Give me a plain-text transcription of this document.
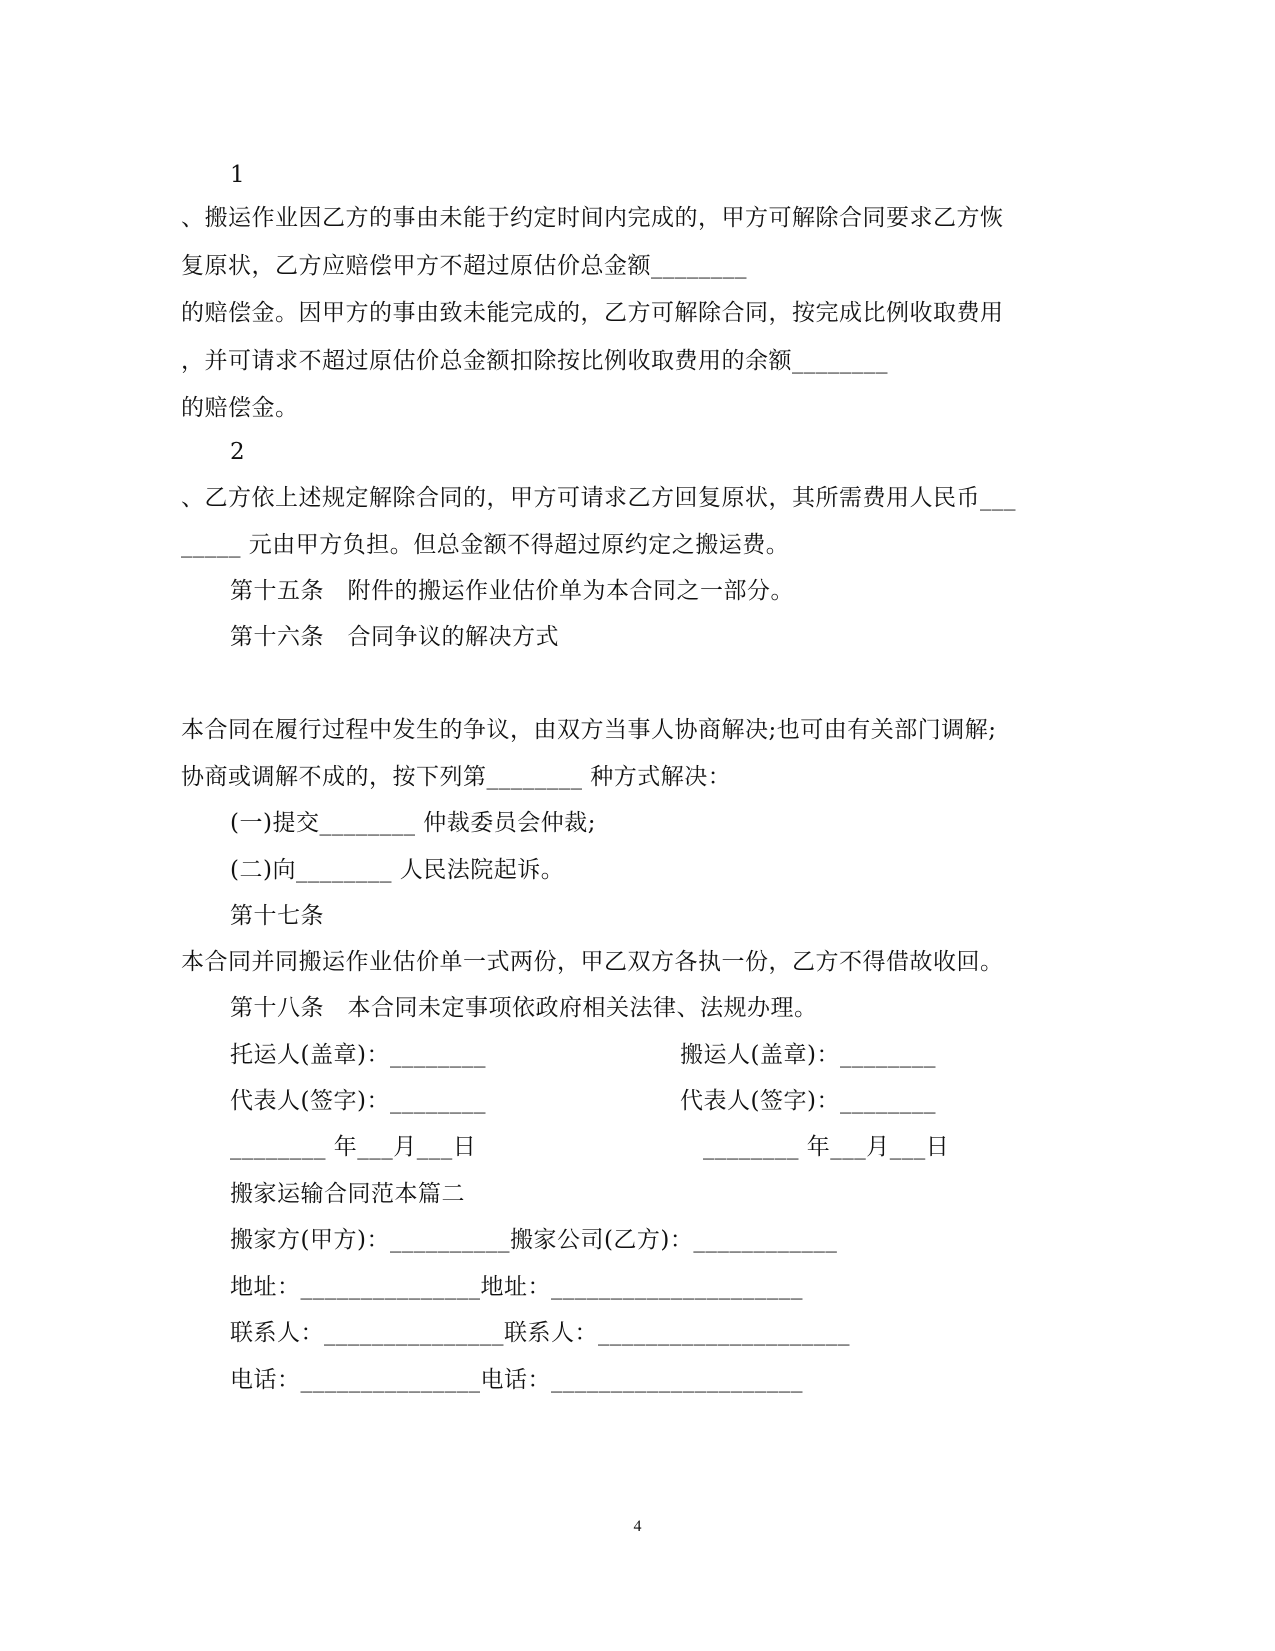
1
、搬运作业因乙方的事由未能于约定时间内完成的，甲方可解除合同要求乙方恢
复原状，乙方应赔偿甲方不超过原估价总金额________
的赔偿金。因甲方的事由致未能完成的，乙方可解除合同，按完成比例收取费用
，并可请求不超过原估价总金额扣除按比例收取费用的余额________
的赔偿金。
2
、乙方依上述规定解除合同的，甲方可请求乙方回复原状，其所需费用人民币___
_____ 元由甲方负担。但总金额不得超过原约定之搬运费。
第十五条　附件的搬运作业估价单为本合同之一部分。
第十六条　合同争议的解决方式
本合同在履行过程中发生的争议，由双方当事人协商解决;也可由有关部门调解;
协商或调解不成的，按下列第________ 种方式解决：
(一)提交________ 仲裁委员会仲裁;
(二)向________ 人民法院起诉。
第十七条
本合同并同搬运作业估价单一式两份，甲乙双方各执一份，乙方不得借故收回。
第十八条　本合同未定事项依政府相关法律、法规办理。
托运人(盖章)：________	搬运人(盖章)：________
代表人(签字)：________	代表人(签字)：________
________ 年___月___日	________ 年___月___日
搬家运输合同范本篇二
搬家方(甲方)：__________搬家公司(乙方)：____________
地址：_______________地址：_____________________
联系人：_______________联系人：_____________________
电话：_______________电话：_____________________
4
